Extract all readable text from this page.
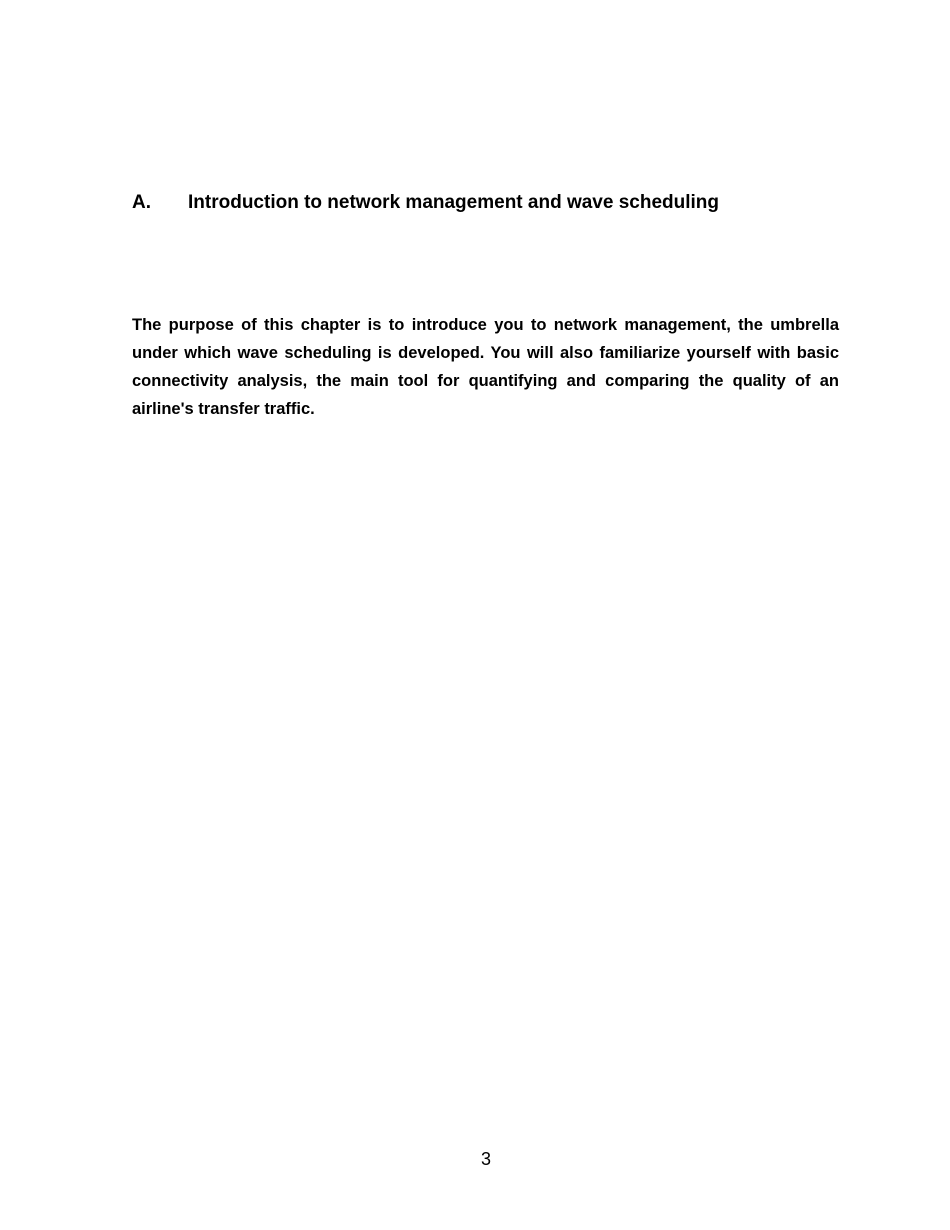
A. Introduction to network management and wave scheduling

The purpose of this chapter is to introduce you to network management, the umbrella under which wave scheduling is developed. You will also familiarize yourself with basic connectivity analysis, the main tool for quantifying and comparing the quality of an airline's transfer traffic.

3
